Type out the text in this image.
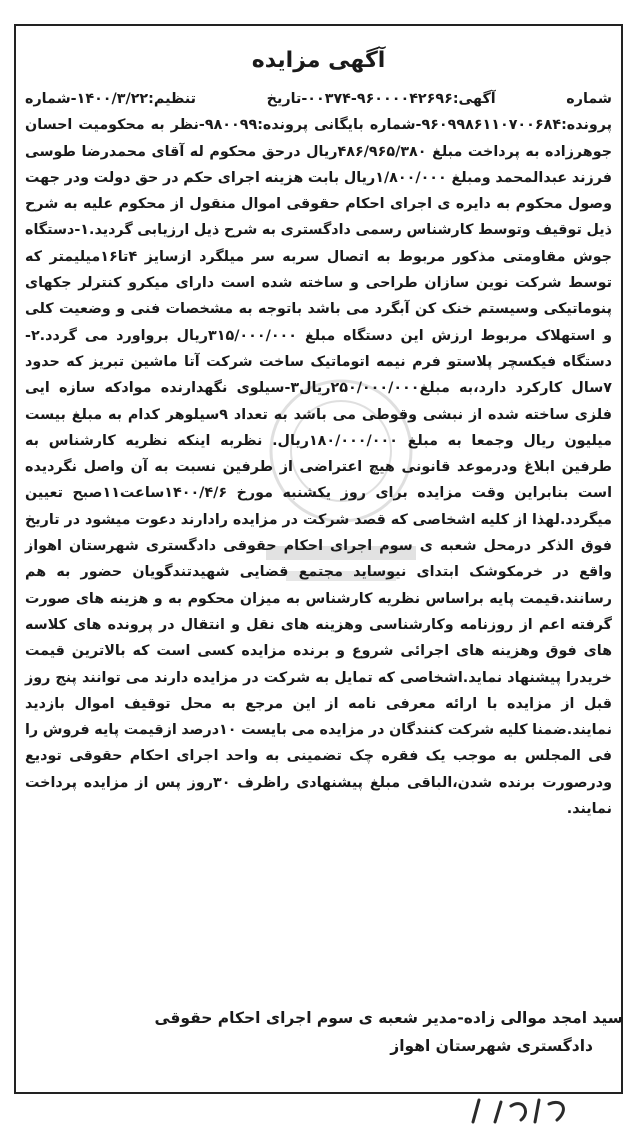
آگهی مزایده
شماره آگهی:۹۶۰۰۰۰۴۲۶۹۶-۰۰۳۷۴-تاریخ تنظیم:۱۴۰۰/۳/۲۲-شماره پرونده:۹۶۰۹۹۸۶۱۱۰۷۰۰۶۸۴-شماره بایگانی پرونده:۹۸۰۰۹۹-نظر به محکومیت احسان جوهرزاده به پرداخت مبلغ ۴۸۶/۹۶۵/۳۸۰ریال درحق محکوم له آقای محمدرضا طوسی فرزند عبدالمحمد ومبلغ ۱/۸۰۰/۰۰۰ریال بابت هزینه اجرای حکم در حق دولت ودر جهت وصول محکوم به دایره ی اجرای احکام حقوقی اموال منقول از محکوم علیه به شرح ذیل توقیف وتوسط کارشناس رسمی دادگستری به شرح ذیل ارزیابی گردید.۱-دستگاه جوش مقاومتی مذکور مربوط به اتصال سربه سر میلگرد ازسایز ۴تا۱۶میلیمتر که توسط شرکت نوین سازان طراحی و ساخته شده است دارای میکرو کنترلر جکهای پنوماتیکی وسیستم خنک کن آبگرد می باشد باتوجه به مشخصات فنی و وضعیت کلی و استهلاک مربوط ارزش این دستگاه مبلغ ۳۱۵/۰۰۰/۰۰۰ریال برواورد می گردد.۲-دستگاه فیکسچر پلاستو فرم نیمه اتوماتیک ساخت شرکت آتا ماشین تبریز که حدود ۷سال کارکرد دارد،به مبلغ۲۵۰/۰۰۰/۰۰۰ریال۳-سیلوی نگهدارنده موادکه سازه ایی فلزی ساخته شده از نبشی وقوطی می باشد به تعداد ۹سیلوهر کدام به مبلغ بیست میلیون ریال وجمعا به مبلغ ۱۸۰/۰۰۰/۰۰۰ریال. نظربه اینکه نظریه کارشناس به طرفین ابلاغ ودرموعد قانونی هیچ اعتراضی از طرفین نسبت به آن واصل نگردیده است بنابراین وقت مزایده برای روز یکشنبه مورخ ۱۴۰۰/۴/۶ساعت۱۱صبح تعیین میگردد.لهذا از کلیه اشخاصی که قصد شرکت در مزایده رادارند دعوت میشود در تاریخ فوق الذکر درمحل شعبه ی سوم اجرای احکام حقوقی دادگستری شهرستان اهواز واقع در خرمکوشک ابتدای نیوساید مجتمع قضایی شهیدتندگویان حضور به هم رسانند.قیمت پایه براساس نظریه کارشناس به میزان محکوم به و هزینه های صورت گرفته اعم از روزنامه وکارشناسی وهزینه های نقل و انتقال در پرونده های کلاسه های فوق وهزینه های اجرائی شروع و برنده مزایده کسی است که بالاترین قیمت خریدرا پیشنهاد نماید.اشخاصی که تمایل به شرکت در مزایده دارند می توانند پنج روز قبل از مزایده با ارائه معرفی نامه از این مرجع به محل توقیف اموال بازدید نمایند.ضمنا کلیه شرکت کنندگان در مزایده می بایست ۱۰درصد ازقیمت پایه فروش را فی المجلس به موجب یک فقره چک تضمینی به واحد اجرای احکام حقوقی تودیع ودرصورت برنده شدن،الباقی مبلغ پیشنهادی راظرف ۳۰روز پس از مزایده پرداخت نمایند.
سید امجد موالی زاده-مدیر شعبه ی سوم اجرای احکام حقوقی
دادگستری شهرستان اهواز
